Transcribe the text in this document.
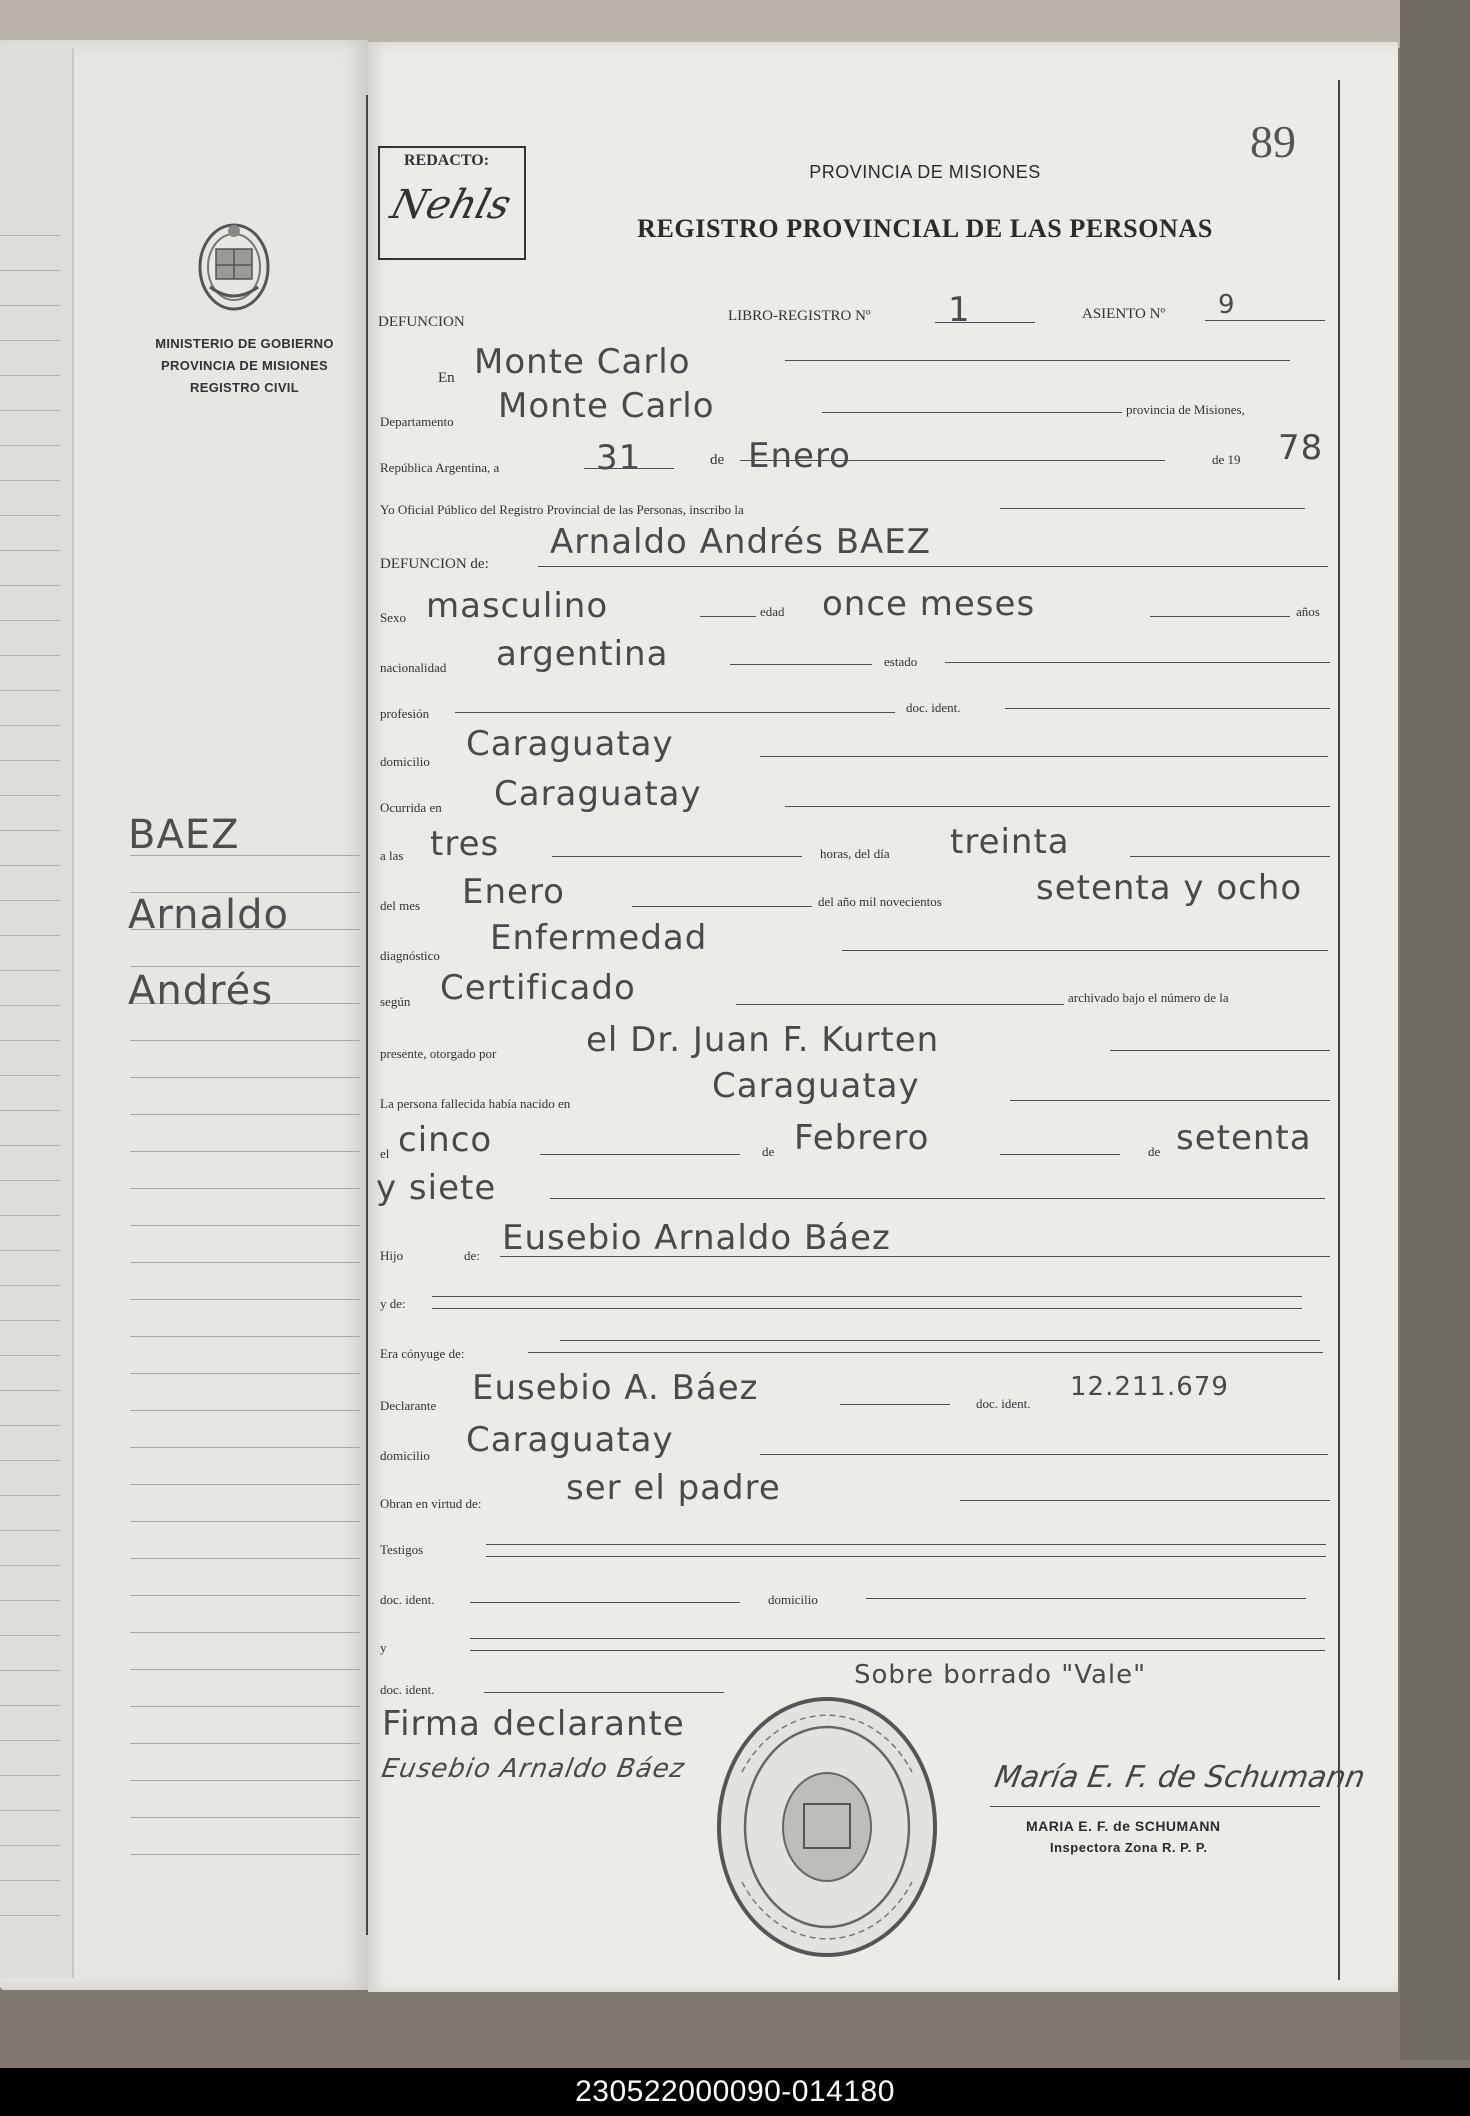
MINISTERIO DE GOBIERNO
PROVINCIA DE MISIONES
REGISTRO CIVIL
BAEZ
Arnaldo
Andrés
89
REDACTO:
Nehls
PROVINCIA DE MISIONES
REGISTRO PROVINCIAL DE LAS PERSONAS
DEFUNCION	LIBRO-REGISTRO Nº 1	ASIENTO Nº 9
En Monte Carlo
Departamento Monte Carlo	provincia de Misiones,
República Argentina, a	31	de Enero	de 19 78
Yo Oficial Público del Registro Provincial de las Personas, inscribo la
DEFUNCION de:
Arnaldo Andrés BAEZ
Sexo masculino	edad once meses	años
nacionalidad argentina	estado
profesión	doc. ident.
domicilio Caraguatay
Ocurrida en Caraguatay
a las tres	horas, del día treinta
del mes Enero	del año mil novecientos	setenta y ocho
diagnóstico Enfermedad
según Certificado	archivado bajo el número de la
presente, otorgado por	el Dr. Juan F. Kurten
La persona fallecida había nacido en	Caraguatay
el cinco	de Febrero	de setenta
y siete
Hijo	de: Eusebio Arnaldo Báez
y de:
Era cónyuge de:
Declarante Eusebio A. Báez	doc. ident.
12.211.679
domicilio Caraguatay
Obran en virtud de: ser el padre
Testigos
doc. ident.	domicilio
y
doc. ident.	Sobre borrado "Vale"
Firma declarante
Eusebio Arnaldo Báez	María E. F. de Schumann
MARIA E. F. de SCHUMANN
Inspectora Zona R. P. P.
230522000090-014180
